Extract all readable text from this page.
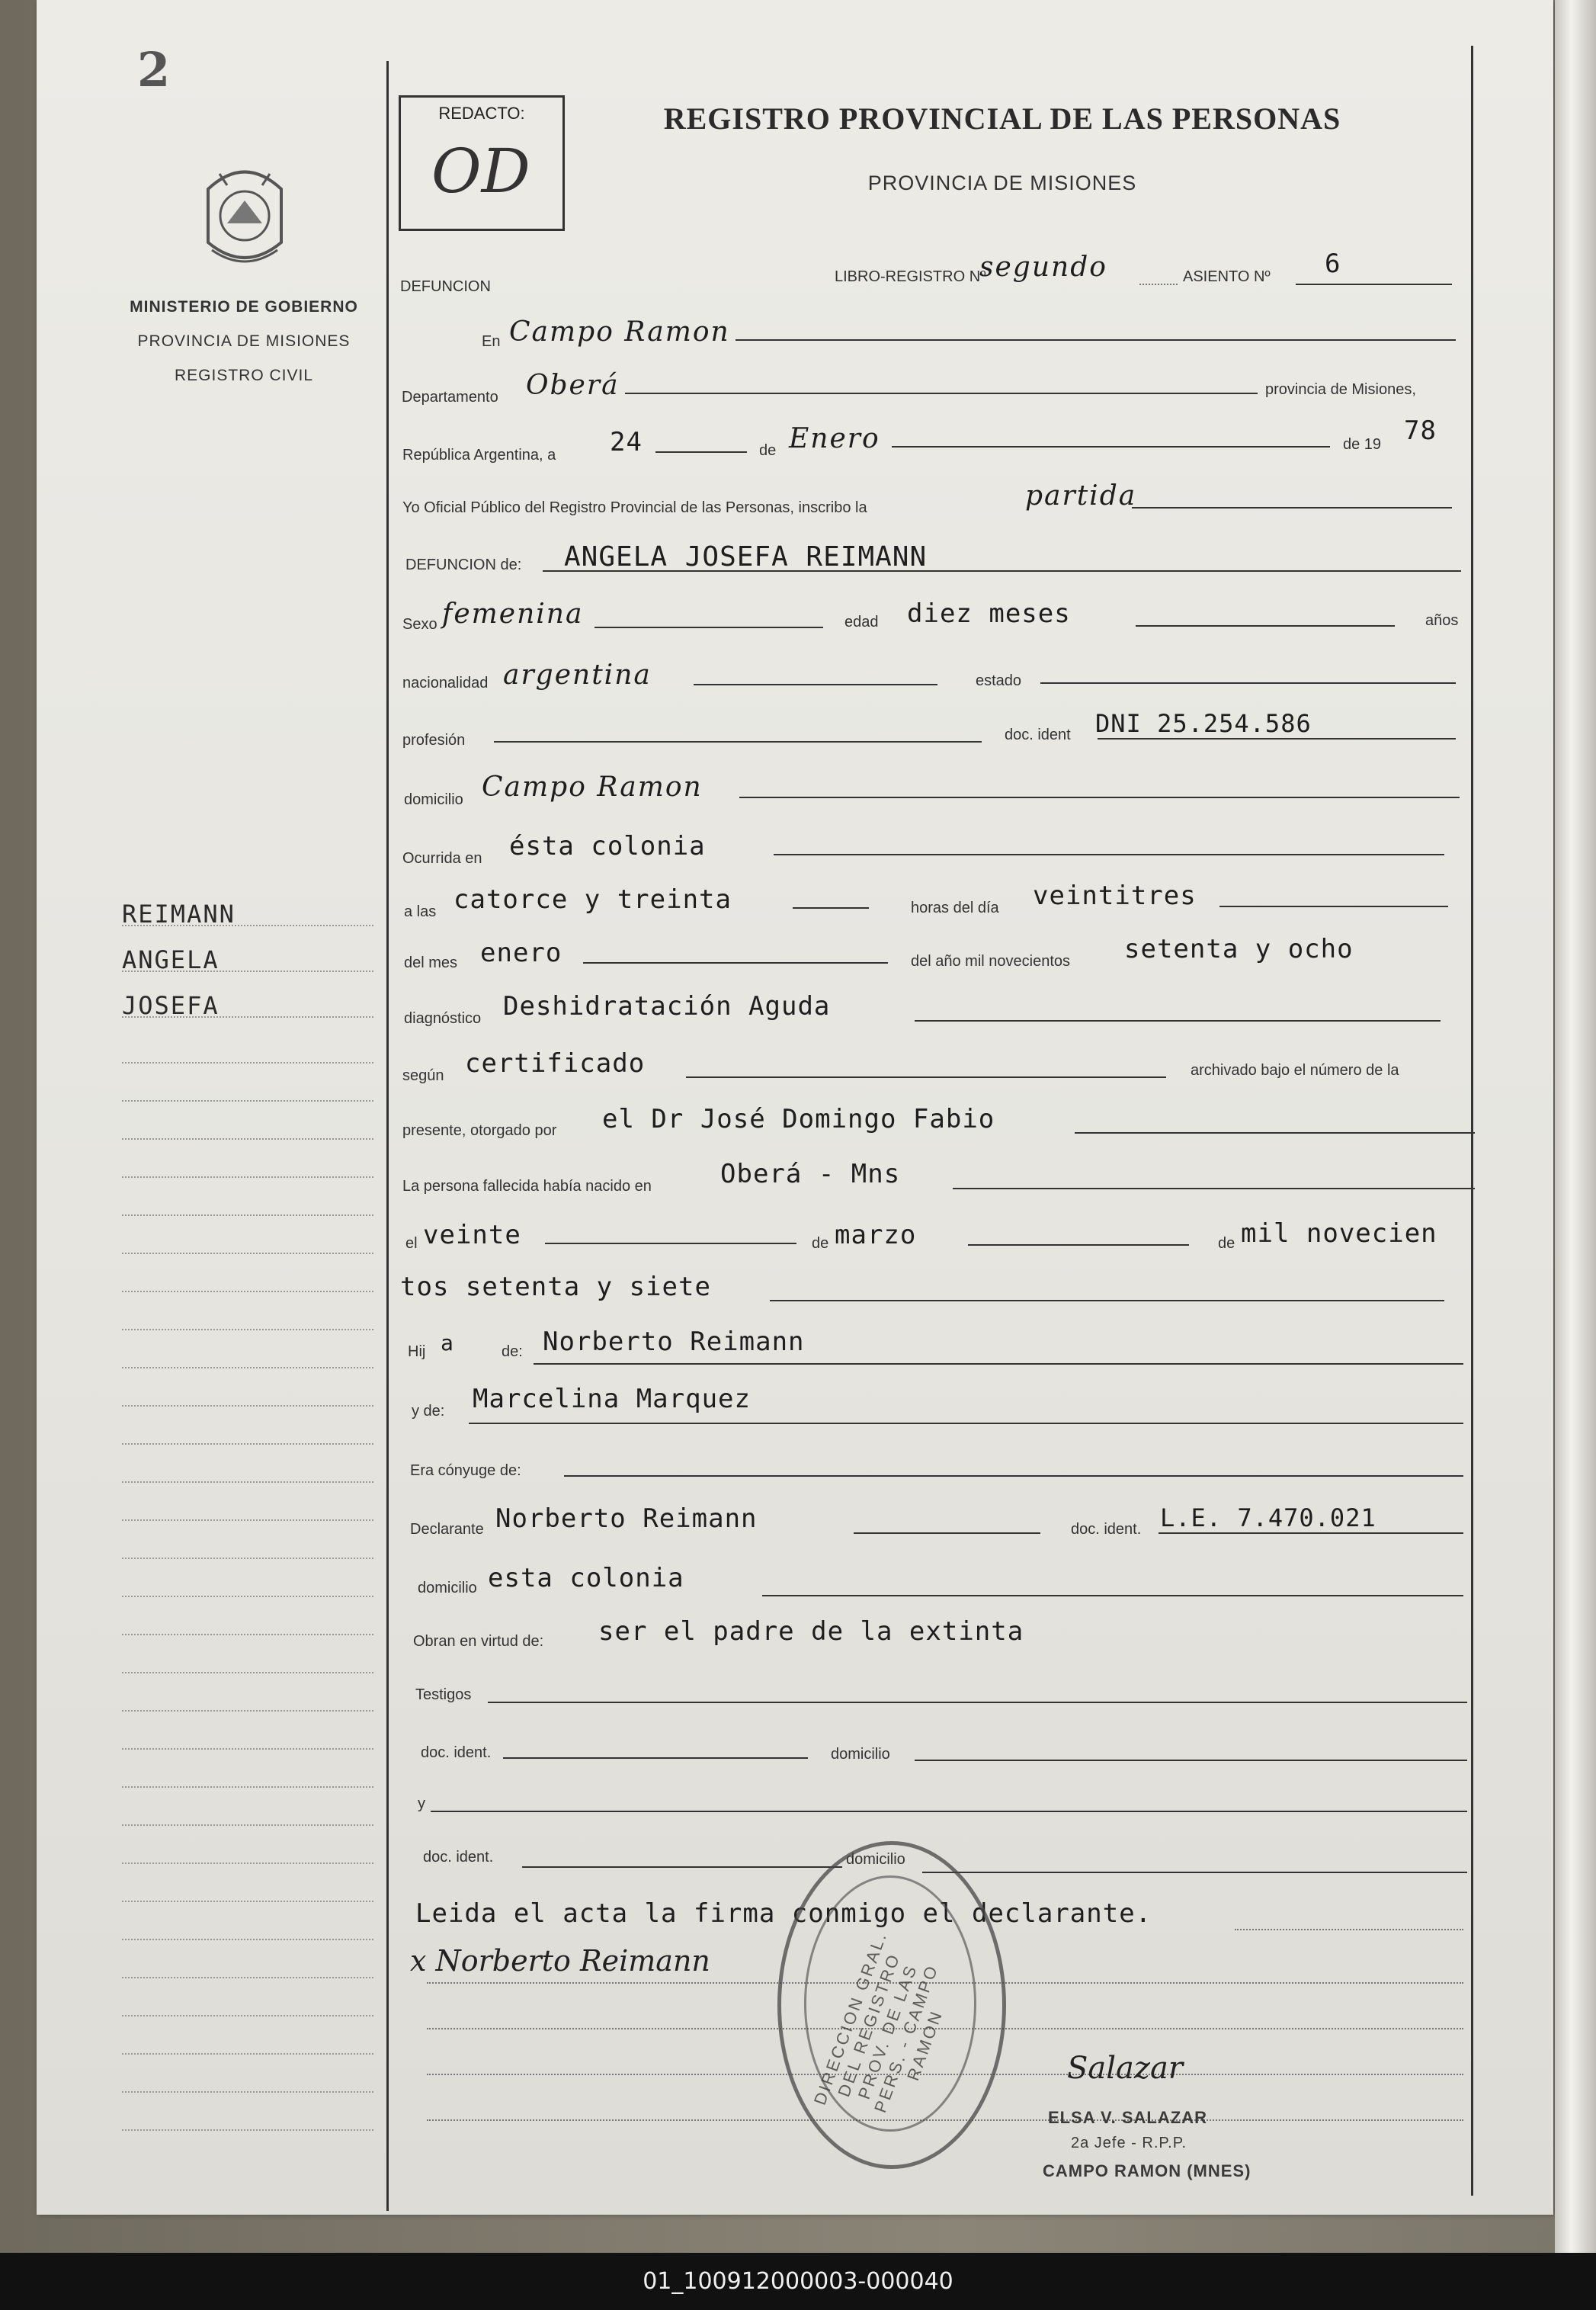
2
MINISTERIO DE GOBIERNO
PROVINCIA DE MISIONES
REGISTRO CIVIL
REIMANN
ANGELA
JOSEFA
REDACTO:
OD
REGISTRO PROVINCIAL DE LAS PERSONAS
PROVINCIA DE MISIONES
DEFUNCION
LIBRO-REGISTRO Nº
segundo	ASIENTO Nº 6
En Campo Ramon
Departamento Oberá	provincia de Misiones,
República Argentina, a 24	de Enero	de 19 78
Yo Oficial Público del Registro Provincial de las Personas, inscribo la	partida
DEFUNCION de: ANGELA JOSEFA REIMANN
Sexo femenina	edad diez meses	años
nacionalidad argentina	estado
profesión	doc. ident DNI 25.254.586
domicilio Campo Ramon
Ocurrida en ésta colonia
a las catorce y treinta	horas del día veintitres
del mes enero	del año mil novecientos setenta y ocho
diagnóstico Deshidratación Aguda
según certificado	archivado bajo el número de la
presente, otorgado por el Dr José Domingo Fabio
La persona fallecida había nacido en	Oberá - Mns
el veinte	de marzo	de mil novecien
tos setenta y siete
Hij a	de: Norberto Reimann
y de: Marcelina Marquez
Era cónyuge de:
Declarante Norberto Reimann	doc. ident. L.E. 7.470.021
domicilio esta colonia
Obran en virtud de: ser el padre de la extinta
Testigos
doc. ident.	domicilio
y
doc. ident.	domicilio
Leida el acta la firma conmigo el declarante.
x Norberto Reimann	DIRECCION GRAL. DEL REGISTRO PROV. DE LAS PERS. - CAMPO RAMON	Salazar
ELSA V. SALAZAR
2a Jefe - R.P.P.
CAMPO RAMON (MNES)
01_100912000003-000040
